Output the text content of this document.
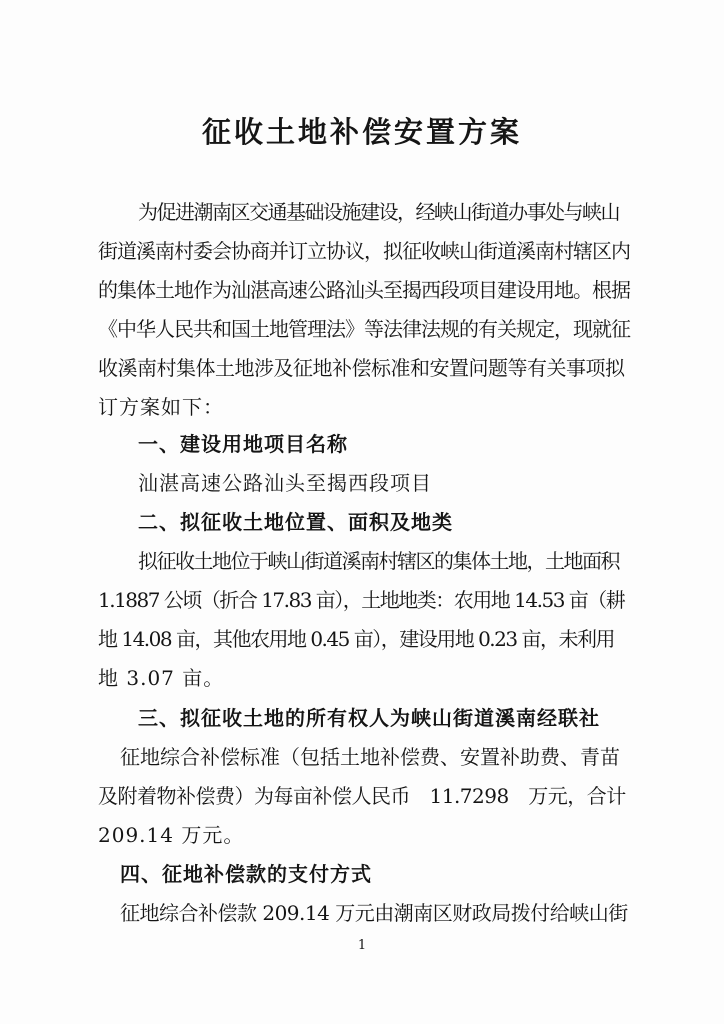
征收土地补偿安置方案
为促进潮南区交通基础设施建设，经峡山街道办事处与峡山
街道溪南村委会协商并订立协议，拟征收峡山街道溪南村辖区内
的集体土地作为汕湛高速公路汕头至揭西段项目建设用地。根据
《中华人民共和国土地管理法》等法律法规的有关规定，现就征
收溪南村集体土地涉及征地补偿标准和安置问题等有关事项拟
订方案如下：
一、建设用地项目名称
汕湛高速公路汕头至揭西段项目
二、拟征收土地位置、面积及地类
拟征收土地位于峡山街道溪南村辖区的集体土地，土地面积
1.1887 公顷（折合 17.83 亩），土地地类：农用地 14.53 亩（耕
地 14.08 亩，其他农用地 0.45 亩），建设用地 0.23 亩，未利用
地 3.07 亩。
三、拟征收土地的所有权人为峡山街道溪南经联社
征地综合补偿标准（包括土地补偿费、安置补助费、青苗
及附着物补偿费）为每亩补偿人民币　11.7298　万元，合计
209.14 万元。
四、征地补偿款的支付方式
征地综合补偿款 209.14 万元由潮南区财政局拨付给峡山街
1
